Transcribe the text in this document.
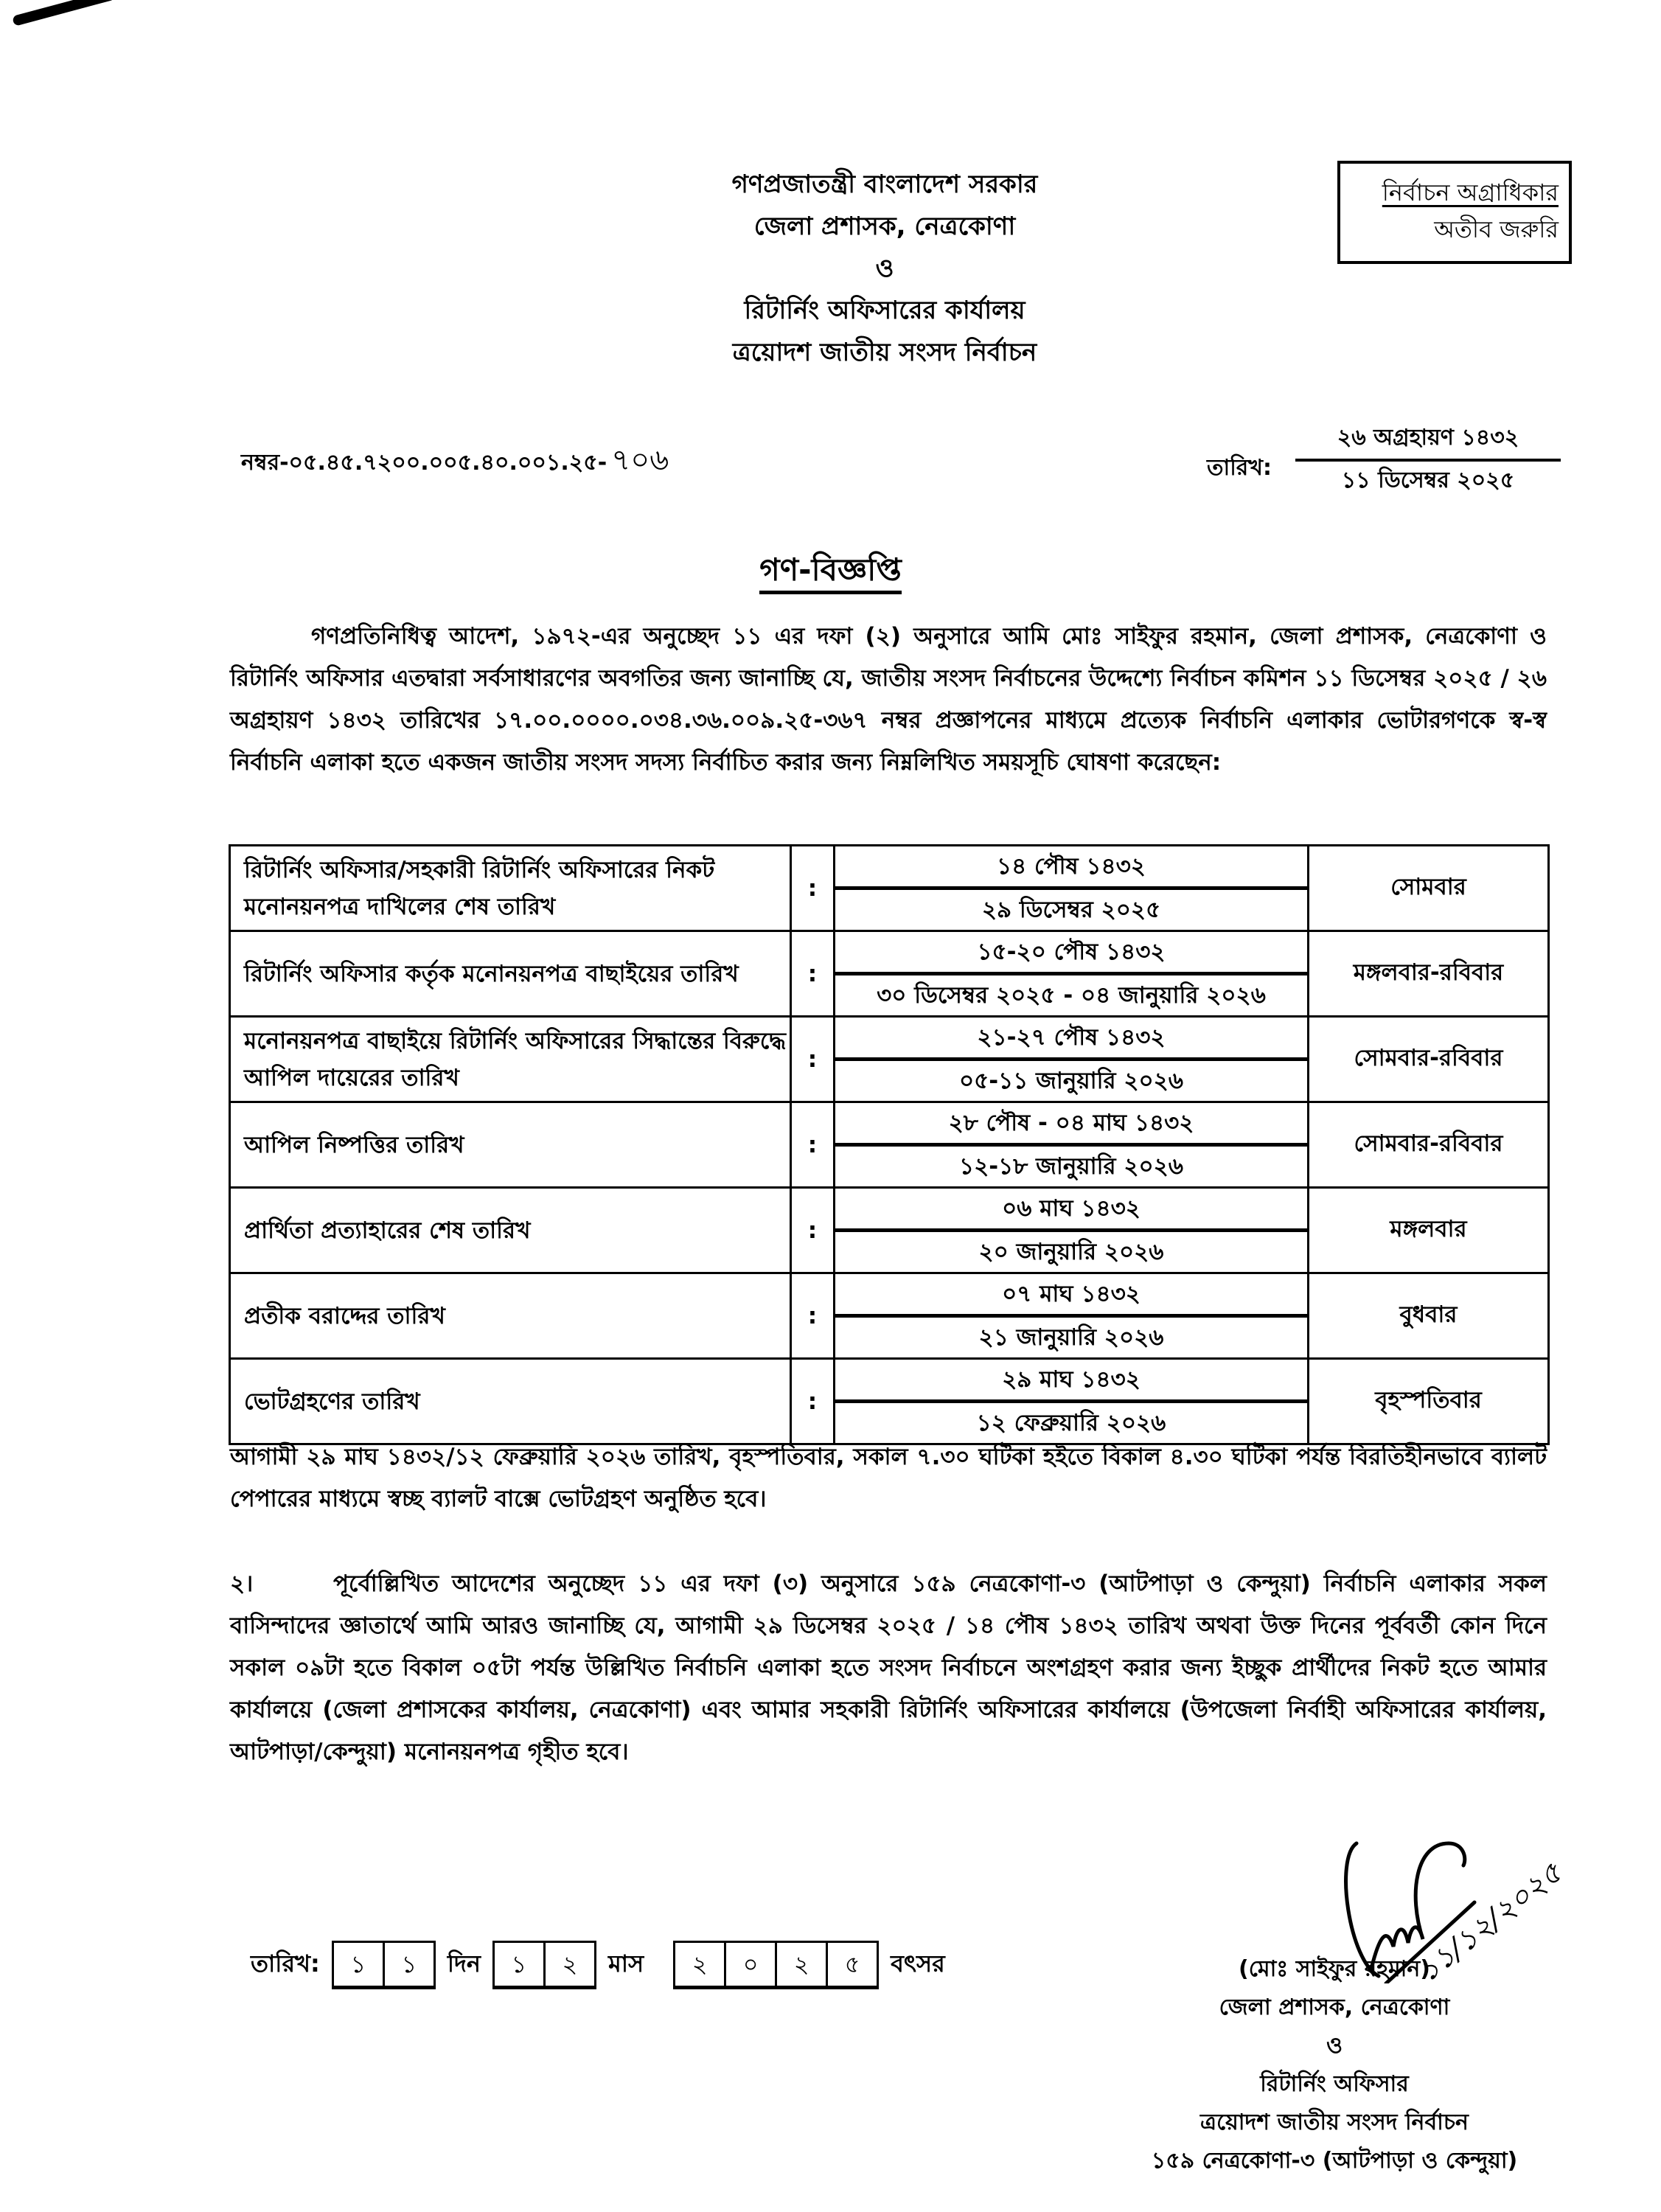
গণপ্রজাতন্ত্রী বাংলাদেশ সরকার
জেলা প্রশাসক, নেত্রকোণা
ও
রিটার্নিং অফিসারের কার্যালয়
ত্রয়োদশ জাতীয় সংসদ নির্বাচন
নির্বাচন অগ্রাধিকার
অতীব জরুরি
নম্বর-০৫.৪৫.৭২০০.০০৫.৪০.০০১.২৫- ৭০৬	তারিখ:
২৬ অগ্রহায়ণ ১৪৩২
১১ ডিসেম্বর ২০২৫
গণ-বিজ্ঞপ্তি
গণপ্রতিনিধিত্ব আদেশ, ১৯৭২-এর অনুচ্ছেদ ১১ এর দফা (২) অনুসারে আমি মোঃ সাইফুর রহমান, জেলা প্রশাসক, নেত্রকোণা ও রিটার্নিং অফিসার এতদ্বারা সর্বসাধারণের অবগতির জন্য জানাচ্ছি যে, জাতীয় সংসদ নির্বাচনের উদ্দেশ্যে নির্বাচন কমিশন ১১ ডিসেম্বর ২০২৫ / ২৬ অগ্রহায়ণ ১৪৩২ তারিখের ১৭.০০.০০০০.০৩৪.৩৬.০০৯.২৫-৩৬৭ নম্বর প্রজ্ঞাপনের মাধ্যমে প্রত্যেক নির্বাচনি এলাকার ভোটারগণকে স্ব-স্ব নির্বাচনি এলাকা হতে একজন জাতীয় সংসদ সদস্য নির্বাচিত করার জন্য নিম্নলিখিত সময়সূচি ঘোষণা করেছেন:
রিটার্নিং অফিসার/সহকারী রিটার্নিং অফিসারের নিকট মনোনয়নপত্র দাখিলের শেষ তারিখ	:	১৪ পৌষ ১৪৩২
২৯ ডিসেম্বর ২০২৫	সোমবার
রিটার্নিং অফিসার কর্তৃক মনোনয়নপত্র বাছাইয়ের তারিখ	:	১৫-২০ পৌষ ১৪৩২
৩০ ডিসেম্বর ২০২৫ - ০৪ জানুয়ারি ২০২৬	মঙ্গলবার-রবিবার
মনোনয়নপত্র বাছাইয়ে রিটার্নিং অফিসারের সিদ্ধান্তের বিরুদ্ধে আপিল দায়েরের তারিখ	:	২১-২৭ পৌষ ১৪৩২
০৫-১১ জানুয়ারি ২০২৬	সোমবার-রবিবার
আপিল নিষ্পত্তির তারিখ	:	২৮ পৌষ - ০৪ মাঘ ১৪৩২
১২-১৮ জানুয়ারি ২০২৬	সোমবার-রবিবার
প্রার্থিতা প্রত্যাহারের শেষ তারিখ	:	০৬ মাঘ ১৪৩২
২০ জানুয়ারি ২০২৬	মঙ্গলবার
প্রতীক বরাদ্দের তারিখ	:	০৭ মাঘ ১৪৩২
২১ জানুয়ারি ২০২৬	বুধবার
ভোটগ্রহণের তারিখ	:	২৯ মাঘ ১৪৩২
১২ ফেব্রুয়ারি ২০২৬	বৃহস্পতিবার
আগামী ২৯ মাঘ ১৪৩২/১২ ফেব্রুয়ারি ২০২৬ তারিখ, বৃহস্পতিবার, সকাল ৭.৩০ ঘটিকা হইতে বিকাল ৪.৩০ ঘটিকা পর্যন্ত বিরতিহীনভাবে ব্যালট পেপারের মাধ্যমে স্বচ্ছ ব্যালট বাক্সে ভোটগ্রহণ অনুষ্ঠিত হবে।
২।	পূর্বোল্লিখিত আদেশের অনুচ্ছেদ ১১ এর দফা (৩) অনুসারে ১৫৯ নেত্রকোণা-৩ (আটপাড়া ও কেন্দুয়া) নির্বাচনি এলাকার সকল বাসিন্দাদের জ্ঞাতার্থে আমি আরও জানাচ্ছি যে, আগামী ২৯ ডিসেম্বর ২০২৫ / ১৪ পৌষ ১৪৩২ তারিখ অথবা উক্ত দিনের পূর্ববর্তী কোন দিনে সকাল ০৯টা হতে বিকাল ০৫টা পর্যন্ত উল্লিখিত নির্বাচনি এলাকা হতে সংসদ নির্বাচনে অংশগ্রহণ করার জন্য ইচ্ছুক প্রার্থীদের নিকট হতে আমার কার্যালয়ে (জেলা প্রশাসকের কার্যালয়, নেত্রকোণা) এবং আমার সহকারী রিটার্নিং অফিসারের কার্যালয়ে (উপজেলা নির্বাহী অফিসারের কার্যালয়, আটপাড়া/কেন্দুয়া) মনোনয়নপত্র গৃহীত হবে।
১১/১২/২০২৫
তারিখ:	১	১	দিন	১	২	মাস	২	০	২	৫	বৎসর	(মোঃ সাইফুর রহমান)
জেলা প্রশাসক, নেত্রকোণা
ও
রিটার্নিং অফিসার
ত্রয়োদশ জাতীয় সংসদ নির্বাচন
১৫৯ নেত্রকোণা-৩ (আটপাড়া ও কেন্দুয়া)
